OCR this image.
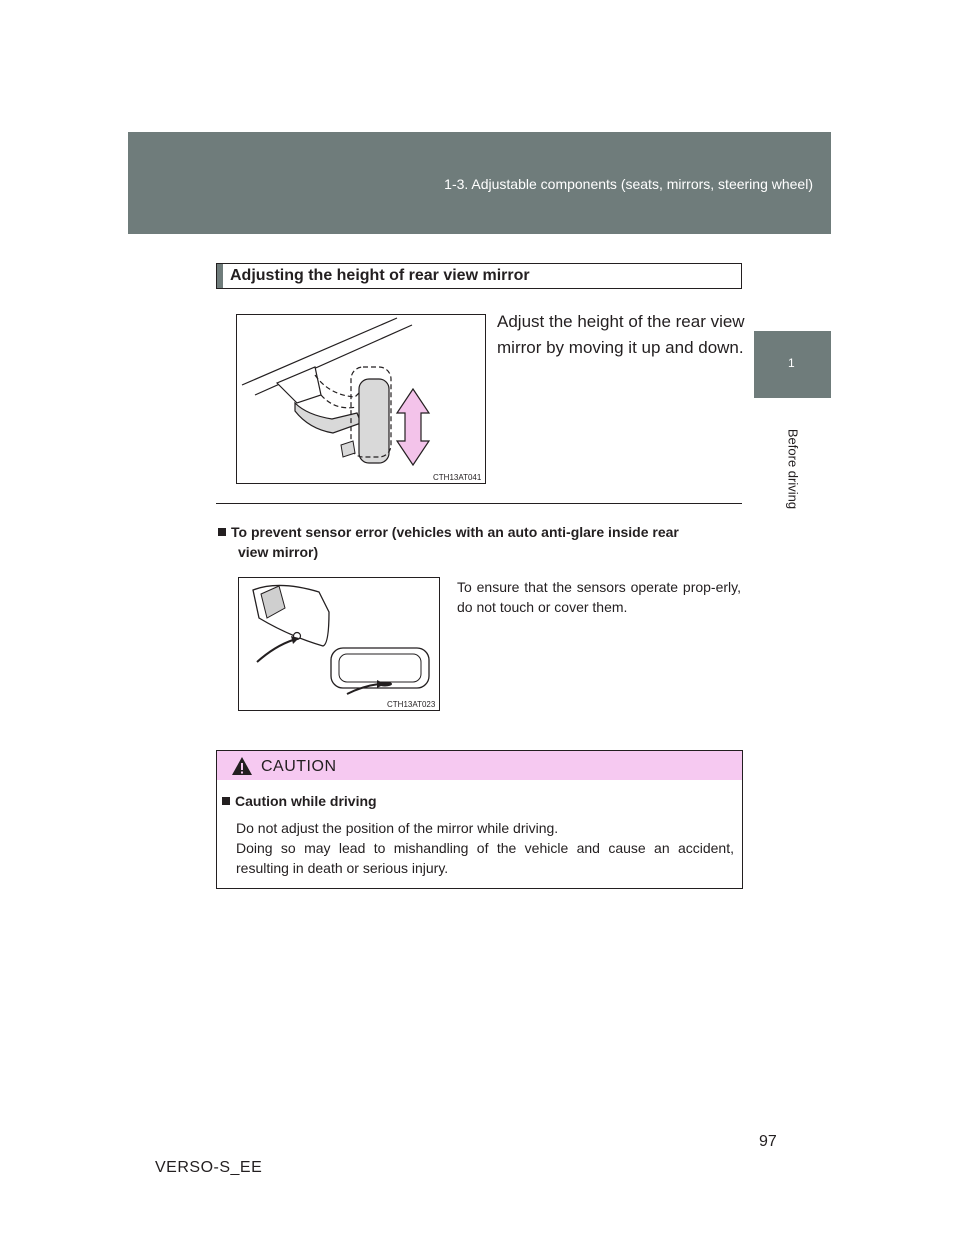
1-3. Adjustable components (seats, mirrors, steering wheel)
1
Before driving
Adjusting the height of rear view mirror
CTH13AT041
Adjust the height of the rear view mirror by moving it up and down.
To prevent sensor error (vehicles with an auto anti-glare inside rear
view mirror)
CTH13AT023
To ensure that the sensors operate prop-erly, do not touch or cover them.
CAUTION
Caution while driving
Do not adjust the position of the mirror while driving.
Doing so may lead to mishandling of the vehicle and cause an accident, resulting in death or serious injury.
97
VERSO-S_EE
